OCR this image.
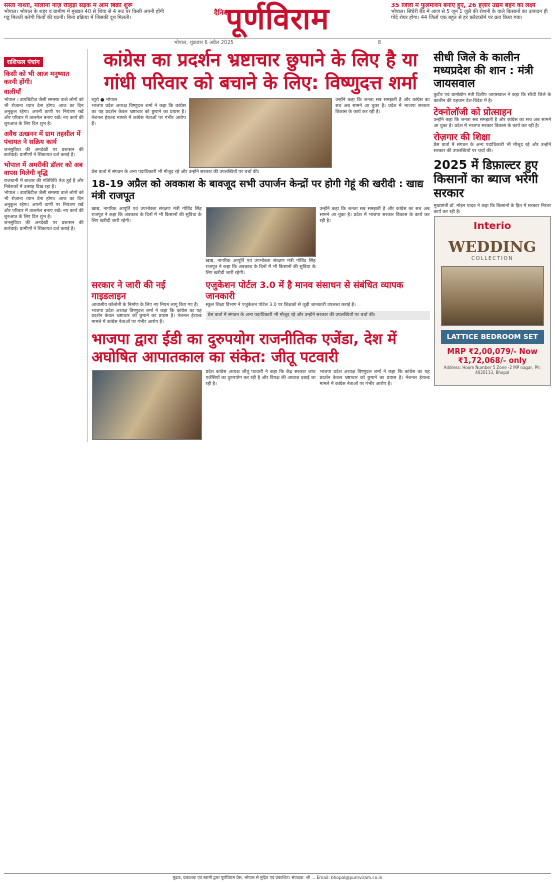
सस्ता नाश्ता, मौलाना नाज़ रोहिड़ा सड़क में आम बिक्री शुरू
भोपाल। भोपाल के शहर व ग्रामीण में मुख्यत 40 से शिवा से 4 रूट पर किसी अपनी होंगी गड्ड मिलती करेगी फिर्यों की घटनी। बिना प्रक्रिया में जिसकी दूध मिलती।
दैनिक
पूर्णविराम	35 जिलों में फुलमावन बनाए हुए, 26 हज़ार उद्यम बहने का लक्ष्य
भोपाल। सिंघेरी बैंड में आज से 5 जून 1 जुलै की रोशनी के वाले किसानों का उत्पादन ही गोदे शेयर होगा। 44 जिलों एक बहुत से हर फ़्लैटफ़ॉर्म पर क्रय किया गया।
भोपाल, शुक्रवार 6 अप्रैल 2025	8
राशिफल पंचांग
किसी को भी आज मनुष्यात करनी होंगी।
वालीयाँ
भोपाल । डायबिटीज़ जैसी समस्या वाले लोगों को भी रोज़ाना ध्यान देना होगा। आज का दिन अनुकूल रहेगा। अपनी वाणी पर नियंत्रण रखें और परिवार में तालमेल बनाए रखें। नए कार्य की शुरुआत के लिए दिन शुभ है।
अवैध उत्खनन में ग्राम तहसील में पंचायत ने सक्रिय कार्य
जनसुविधा की अनदेखी पर प्रशासन की कार्रवाई। ग्रामीणों ने शिकायत दर्ज कराई है।
भोपाल में अमरीकी डॉलर को अब वापस मिलेगी वृद्धि
राजधानी में बाज़ार की गतिविधि तेज़ हुई है और निवेशकों में उत्साह दिख रहा है।
भोपाल । डायबिटीज़ जैसी समस्या वाले लोगों को भी रोज़ाना ध्यान देना होगा। आज का दिन अनुकूल रहेगा। अपनी वाणी पर नियंत्रण रखें और परिवार में तालमेल बनाए रखें। नए कार्य की शुरुआत के लिए दिन शुभ है।
जनसुविधा की अनदेखी पर प्रशासन की कार्रवाई। ग्रामीणों ने शिकायत दर्ज कराई है।
कांग्रेस का प्रदर्शन भ्रष्टाचार छुपाने के लिए है या गांधी परिवार को बचाने के लिए: विष्णुदत्त शर्मा
ब्यूरो ● भोपाल
भाजपा प्रदेश अध्यक्ष विष्णुदत्त शर्मा ने कहा कि कांग्रेस का यह प्रदर्शन केवल भ्रष्टाचार को छुपाने का प्रयास है। नेशनल हेराल्ड मामले में कांग्रेस नेताओं पर गंभीर आरोप हैं।
उन्होंने कहा कि जनता सब समझती है और कांग्रेस का सच अब सामने आ चुका है। प्रदेश में भाजपा सरकार विकास के कार्य कर रही है।
प्रेस वार्ता में संगठन के अन्य पदाधिकारी भी मौजूद रहे और उन्होंने सरकार की उपलब्धियों पर चर्चा की।
18-19 अप्रैल को अवकाश के बावजूद सभी उपार्जन केन्द्रों पर होगी गेहूं की खरीदी : खाद्य मंत्री राजपूत
खाद्य, नागरिक आपूर्ति एवं उपभोक्ता संरक्षण मंत्री गोविंद सिंह राजपूत ने कहा कि अवकाश के दिनों में भी किसानों की सुविधा के लिए खरीदी जारी रहेगी।
खाद्य, नागरिक आपूर्ति एवं उपभोक्ता संरक्षण मंत्री गोविंद सिंह राजपूत ने कहा कि अवकाश के दिनों में भी किसानों की सुविधा के लिए खरीदी जारी रहेगी।
उन्होंने कहा कि जनता सब समझती है और कांग्रेस का सच अब सामने आ चुका है। प्रदेश में भाजपा सरकार विकास के कार्य कर रही है।
सरकार ने जारी की नई गाइडलाइन
आवासीय कॉलोनी के निर्माण के लिए नए नियम लागू किए गए हैं।
भाजपा प्रदेश अध्यक्ष विष्णुदत्त शर्मा ने कहा कि कांग्रेस का यह प्रदर्शन केवल भ्रष्टाचार को छुपाने का प्रयास है। नेशनल हेराल्ड मामले में कांग्रेस नेताओं पर गंभीर आरोप हैं।
एजुकेशन पोर्टल 3.0 में है मानव संसाधन से संबंधित व्यापक जानकारी
स्कूल शिक्षा विभाग ने एजुकेशन पोर्टल 3.0 पर शिक्षकों से जुड़ी जानकारी उपलब्ध कराई है।
प्रेस वार्ता में संगठन के अन्य पदाधिकारी भी मौजूद रहे और उन्होंने सरकार की उपलब्धियों पर चर्चा की।
भाजपा द्वारा ईडी का दुरुपयोग राजनीतिक एजेंडा, देश में अघोषित आपातकाल का संकेत: जीतू पटवारी
प्रदेश कांग्रेस अध्यक्ष जीतू पटवारी ने कहा कि केंद्र सरकार जांच एजेंसियों का दुरुपयोग कर रही है और विपक्ष की आवाज़ दबाई जा रही है।
भाजपा प्रदेश अध्यक्ष विष्णुदत्त शर्मा ने कहा कि कांग्रेस का यह प्रदर्शन केवल भ्रष्टाचार को छुपाने का प्रयास है। नेशनल हेराल्ड मामले में कांग्रेस नेताओं पर गंभीर आरोप हैं।
सीधी जिले के कालीन मध्यप्रदेश की शान : मंत्री जायसवाल
कुटीर एवं ग्रामोद्योग मंत्री दिलीप जायसवाल ने कहा कि सीधी जिले के कालीन की पहचान देश-विदेश में है।
टेक्नोलॉजी को प्रोत्साहन
उन्होंने कहा कि जनता सब समझती है और कांग्रेस का सच अब सामने आ चुका है। प्रदेश में भाजपा सरकार विकास के कार्य कर रही है।
रोज़गार की शिक्षा
प्रेस वार्ता में संगठन के अन्य पदाधिकारी भी मौजूद रहे और उन्होंने सरकार की उपलब्धियों पर चर्चा की।
2025 में डिफ़ाल्टर हुए किसानों का ब्याज भरेगी सरकार
मुख्यमंत्री डॉ. मोहन यादव ने कहा कि किसानों के हित में सरकार निरंतर कार्य कर रही है।
Interio
WEDDING
COLLECTION
LATTICE BEDROOM SET
MRP ₹2,00,079/- Now ₹1,72,068/- only
Address: Hoom Number 5 Zone -2 MP nagar, Ph: 4020113, Bhopal
मुद्रक, प्रकाशक एवं स्वामी द्वारा पूर्णविराम प्रेस, भोपाल से मुद्रित एवं प्रकाशित। संपादक: श्री ... Email: bhopal@purnviram.co.in
